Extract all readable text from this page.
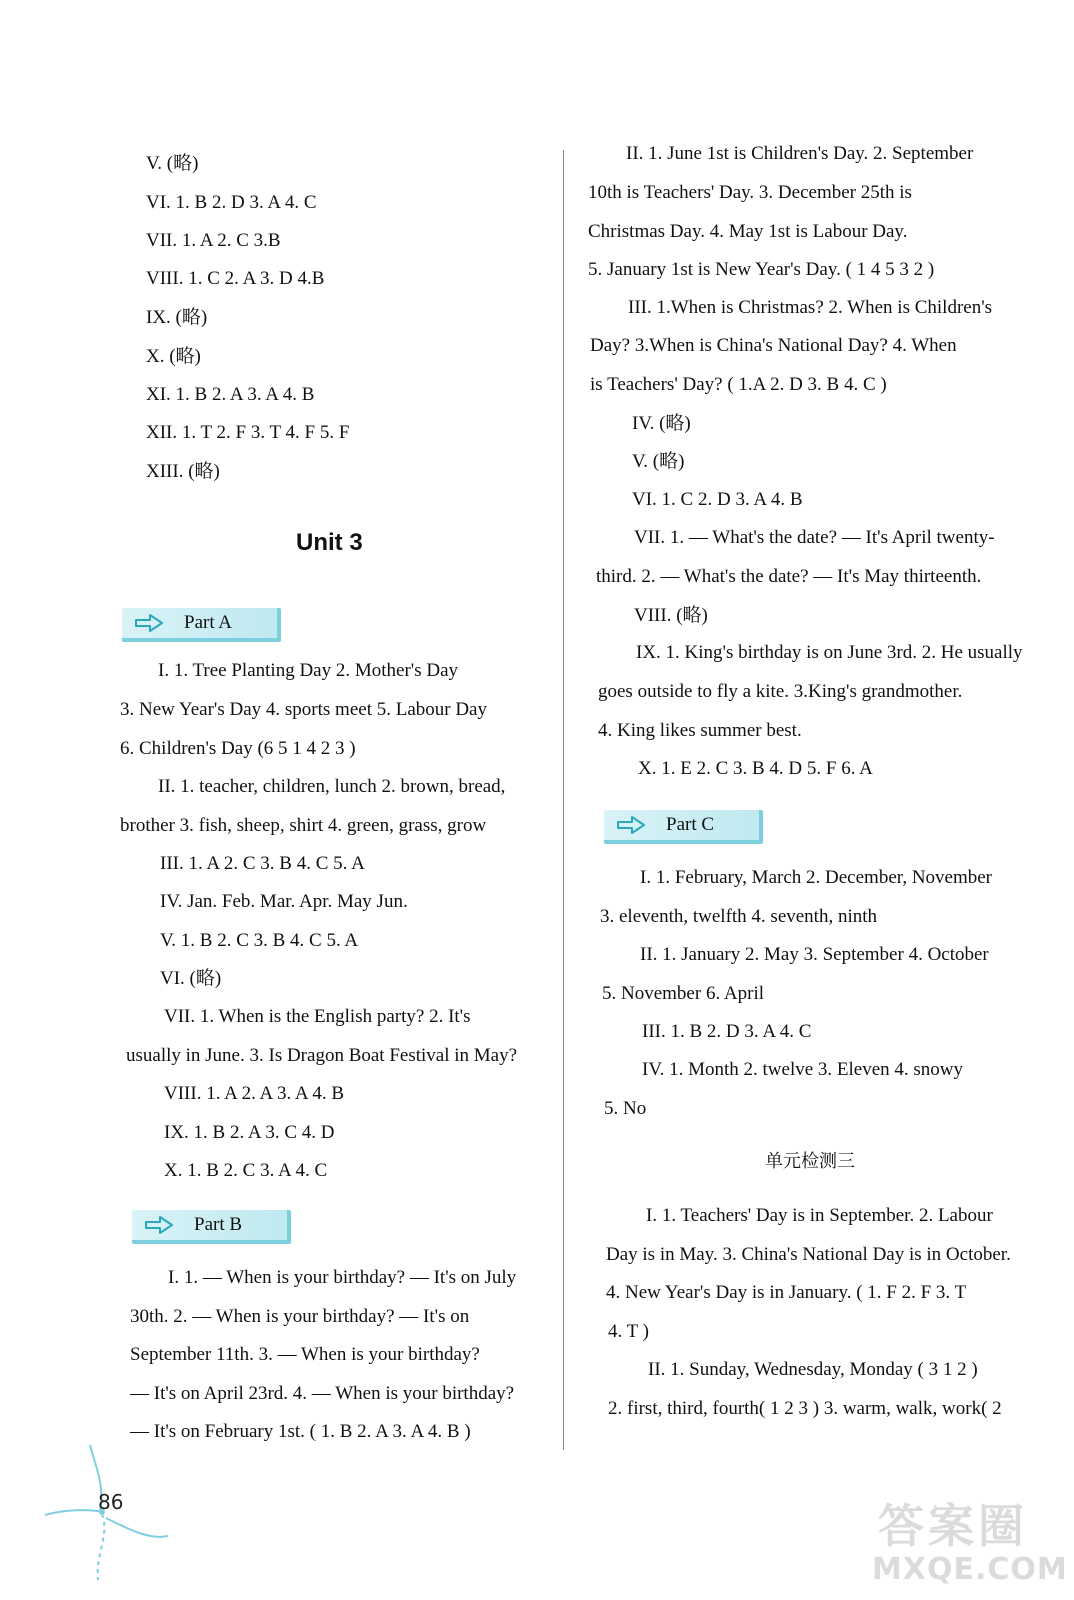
V. (略)
VI. 1. B 2. D 3. A 4. C
VII. 1. A 2. C 3.B
VIII. 1. C 2. A 3. D 4.B
IX. (略)
X. (略)
XI. 1. B 2. A 3. A 4. B
XII. 1. T 2. F 3. T 4. F 5. F
XIII. (略)
Unit 3
Part A
I. 1. Tree Planting Day 2. Mother's Day
3. New Year's Day 4. sports meet 5. Labour Day
6. Children's Day (6 5 1 4 2 3 )
II. 1. teacher, children, lunch 2. brown, bread,
brother 3. fish, sheep, shirt 4. green, grass, grow
III. 1. A 2. C 3. B 4. C 5. A
IV. Jan. Feb. Mar. Apr. May Jun.
V. 1. B 2. C 3. B 4. C 5. A
VI. (略)
VII. 1. When is the English party? 2. It's
usually in June. 3. Is Dragon Boat Festival in May?
VIII. 1. A 2. A 3. A 4. B
IX. 1. B 2. A 3. C 4. D
X. 1. B 2. C 3. A 4. C
Part B
I. 1. — When is your birthday? — It's on July
30th. 2. — When is your birthday? — It's on
September 11th. 3. — When is your birthday?
— It's on April 23rd. 4. — When is your birthday?
— It's on February 1st. ( 1. B 2. A 3. A 4. B )
II. 1. June 1st is Children's Day. 2. September
10th is Teachers' Day. 3. December 25th is
Christmas Day. 4. May 1st is Labour Day.
5. January 1st is New Year's Day. ( 1 4 5 3 2 )
III. 1.When is Christmas? 2. When is Children's
Day? 3.When is China's National Day? 4. When
is Teachers' Day? ( 1.A 2. D 3. B 4. C )
IV. (略)
V. (略)
VI. 1. C 2. D 3. A 4. B
VII. 1. — What's the date? — It's April twenty-
third. 2. — What's the date? — It's May thirteenth.
VIII. (略)
IX. 1. King's birthday is on June 3rd. 2. He usually
goes outside to fly a kite. 3.King's grandmother.
4. King likes summer best.
X. 1. E 2. C 3. B 4. D 5. F 6. A
Part C
I. 1. February, March 2. December, November
3. eleventh, twelfth 4. seventh, ninth
II. 1. January 2. May 3. September 4. October
5. November 6. April
III. 1. B 2. D 3. A 4. C
IV. 1. Month 2. twelve 3. Eleven 4. snowy
5. No
单元检测三
I. 1. Teachers' Day is in September. 2. Labour
Day is in May. 3. China's National Day is in October.
4. New Year's Day is in January. ( 1. F 2. F 3. T
4. T )
II. 1. Sunday, Wednesday, Monday ( 3 1 2 )
2. first, third, fourth( 1 2 3 ) 3. warm, walk, work( 2
86	答案圈
MXQE.COM
